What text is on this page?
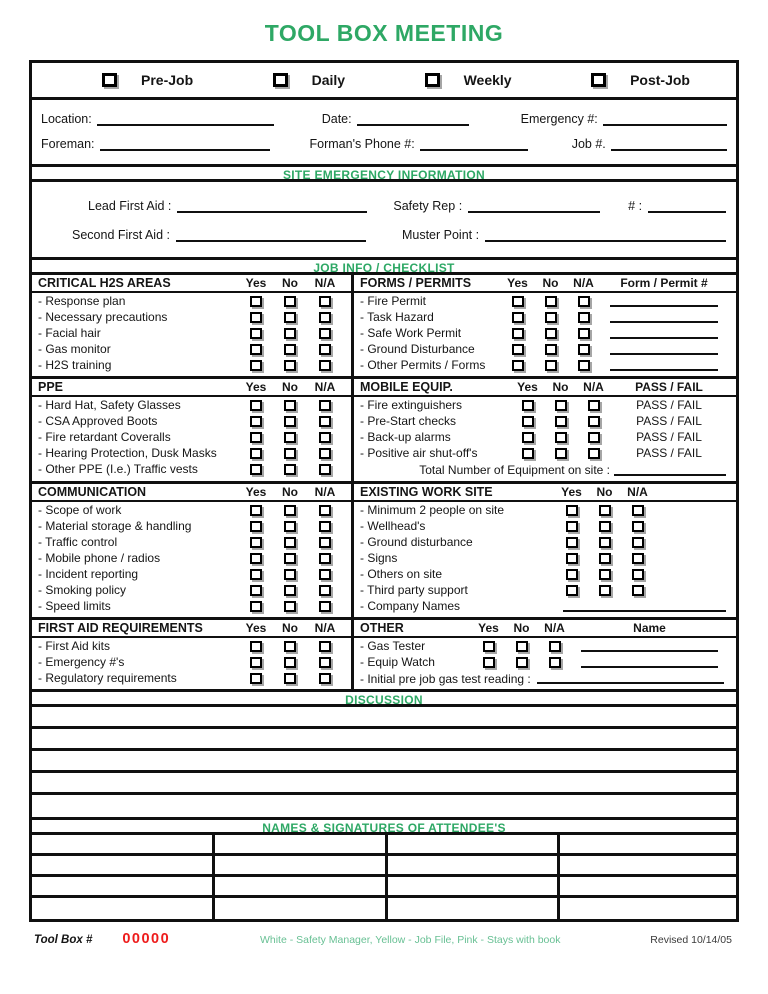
TOOL BOX MEETING
Pre-Job	Daily	Weekly	Post-Job
Location:	Date:	Emergency #:
Foreman:	Forman's Phone #:	Job #.
SITE EMERGENCY INFORMATION
Lead First Aid :	Safety Rep :	# :
Second First Aid :	Muster Point :
JOB INFO / CHECKLIST
CRITICAL H2S AREAS	Yes	No	N/A
- Response plan
- Necessary precautions
- Facial hair
- Gas monitor
- H2S training
FORMS / PERMITS	Yes	No	N/A	Form / Permit #
- Fire Permit
- Task Hazard
- Safe Work Permit
- Ground Disturbance
- Other Permits / Forms
PPE	Yes	No	N/A
- Hard Hat, Safety Glasses
- CSA Approved Boots
- Fire retardant Coveralls
- Hearing Protection, Dusk Masks
- Other PPE (I.e.) Traffic vests
MOBILE EQUIP.	Yes	No	N/A	PASS / FAIL
- Fire extinguishers	PASS / FAIL
- Pre-Start checks	PASS / FAIL
- Back-up alarms	PASS / FAIL
- Positive air shut-off's	PASS / FAIL
Total Number of Equipment on site :
COMMUNICATION	Yes	No	N/A
- Scope of work
- Material storage & handling
- Traffic control
- Mobile phone / radios
- Incident reporting
- Smoking policy
- Speed limits
EXISTING WORK SITE	Yes	No	N/A
- Minimum 2 people on site
- Wellhead's
- Ground disturbance
- Signs
- Others on site
- Third party support
- Company Names
FIRST AID REQUIREMENTS	Yes	No	N/A
- First Aid kits
- Emergency #'s
- Regulatory requirements
OTHER	Yes	No	N/A	Name
- Gas Tester
- Equip Watch
- Initial pre job gas test reading :
DISCUSSION
NAMES & SIGNATURES OF ATTENDEE'S
Tool Box # 00000	White - Safety Manager, Yellow - Job File, Pink - Stays with book	Revised 10/14/05
